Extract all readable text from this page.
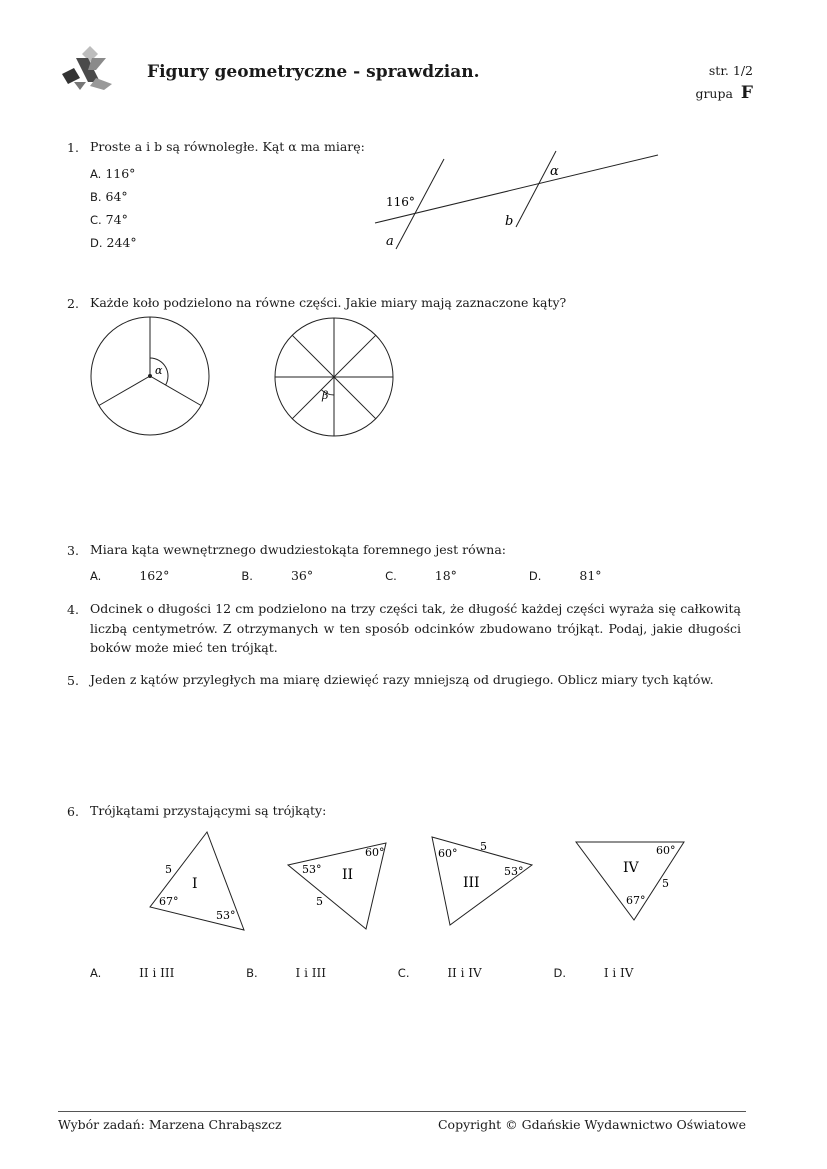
Figury geometryczne - sprawdzian.	str. 1/2
grupa F
1. Proste a i b są równoległe. Kąt α ma miarę:
A. 116°
B. 64°
C. 74°
D. 244°
116°
α
b
a
2. Każde koło podzielono na równe części. Jakie miary mają zaznaczone kąty?
α
β
3. Miara kąta wewnętrznego dwudziestokąta foremnego jest równa:
A.	162°	B.	36°	C.	18°	D.	81°
4. Odcinek o długości 12 cm podzielono na trzy części tak, że długość każdej części wyraża się całkowitą liczbą centymetrów. Z otrzymanych w ten sposób odcinków zbudowano trójkąt. Podaj, jakie długości boków może mieć ten trójkąt.
5. Jeden z kątów przyległych ma miarę dziewięć razy mniejszą od drugiego. Oblicz miary tych kątów.
6. Trójkątami przystającymi są trójkąty:
I
5
67°
53°
II
53°
60°
5
III
60°
5
53°	IV
60°
5
67°
A.	II i III	B.	I i III	C.	II i IV	D.	I i IV
Wybór zadań: Marzena Chrabąszcz	Copyright © Gdańskie Wydawnictwo Oświatowe
